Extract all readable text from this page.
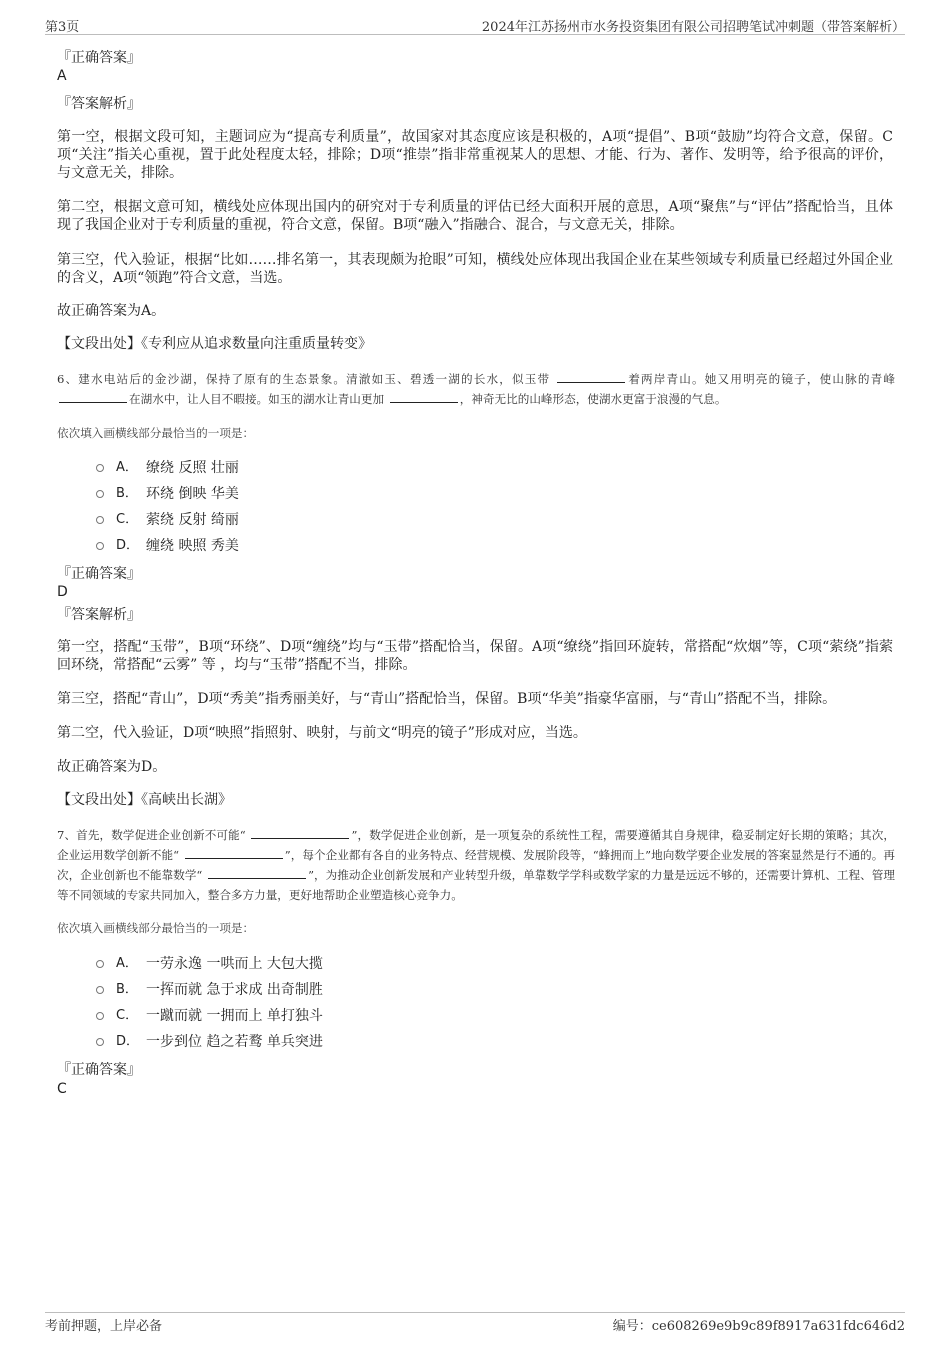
第3页	2024年江苏扬州市水务投资集团有限公司招聘笔试冲刺题（带答案解析）
『正确答案』
A
『答案解析』
第一空，根据文段可知，主题词应为“提高专利质量”，故国家对其态度应该是积极的，A项“提倡”、B项“鼓励”均符合文意，保留。C项“关注”指关心重视，置于此处程度太轻，排除；D项“推崇”指非常重视某人的思想、才能、行为、著作、发明等，给予很高的评价，与文意无关，排除。
第二空，根据文意可知，横线处应体现出国内的研究对于专利质量的评估已经大面积开展的意思，A项“聚焦”与“评估”搭配恰当，且体现了我国企业对于专利质量的重视，符合文意，保留。B项“融入”指融合、混合，与文意无关，排除。
第三空，代入验证，根据“比如……排名第一，其表现颇为抢眼”可知，横线处应体现出我国企业在某些领域专利质量已经超过外国企业的含义，A项“领跑”符合文意，当选。
故正确答案为A。
【文段出处】《专利应从追求数量向注重质量转变》
6、建水电站后的金沙湖，保持了原有的生态景象。清澈如玉、碧透一湖的长水，似玉带	着两岸青山。她又用明亮的镜子，使山脉的青峰 在湖水中，让人目不暇接。如玉的湖水让青山更加	，神奇无比的山峰形态，使湖水更富于浪漫的气息。
依次填入画横线部分最恰当的一项是：
A． 缭绕 反照 壮丽
B． 环绕 倒映 华美
C． 萦绕 反射 绮丽
D． 缠绕 映照 秀美
『正确答案』
D
『答案解析』
第一空，搭配“玉带”，B项“环绕”、D项“缠绕”均与“玉带”搭配恰当，保留。A项“缭绕”指回环旋转，常搭配“炊烟”等，C项“萦绕”指萦回环绕，常搭配“云雾” 等 ，均与“玉带”搭配不当，排除。
第三空，搭配“青山”，D项“秀美”指秀丽美好，与“青山”搭配恰当，保留。B项“华美”指豪华富丽，与“青山”搭配不当，排除。
第二空，代入验证，D项“映照”指照射、映射，与前文“明亮的镜子”形成对应，当选。
故正确答案为D。
【文段出处】《高峡出长湖》
7、首先，数学促进企业创新不可能“	”，数学促进企业创新，是一项复杂的系统性工程，需要遵循其自身规律，稳妥制定好长期的策略；其次，企业运用数学创新不能“	”，每个企业都有各自的业务特点、经营规模、发展阶段等，“蜂拥而上”地向数学要企业发展的答案显然是行不通的。再次，企业创新也不能靠数学“	”，为推动企业创新发展和产业转型升级，单靠数学学科或数学家的力量是远远不够的，还需要计算机、工程、管理等不同领域的专家共同加入，整合多方力量，更好地帮助企业塑造核心竞争力。
依次填入画横线部分最恰当的一项是：
A． 一劳永逸 一哄而上 大包大揽
B． 一挥而就 急于求成 出奇制胜
C． 一蹴而就 一拥而上 单打独斗
D． 一步到位 趋之若鹜 单兵突进
『正确答案』
C
考前押题，上岸必备	编号：ce608269e9b9c89f8917a631fdc646d2
